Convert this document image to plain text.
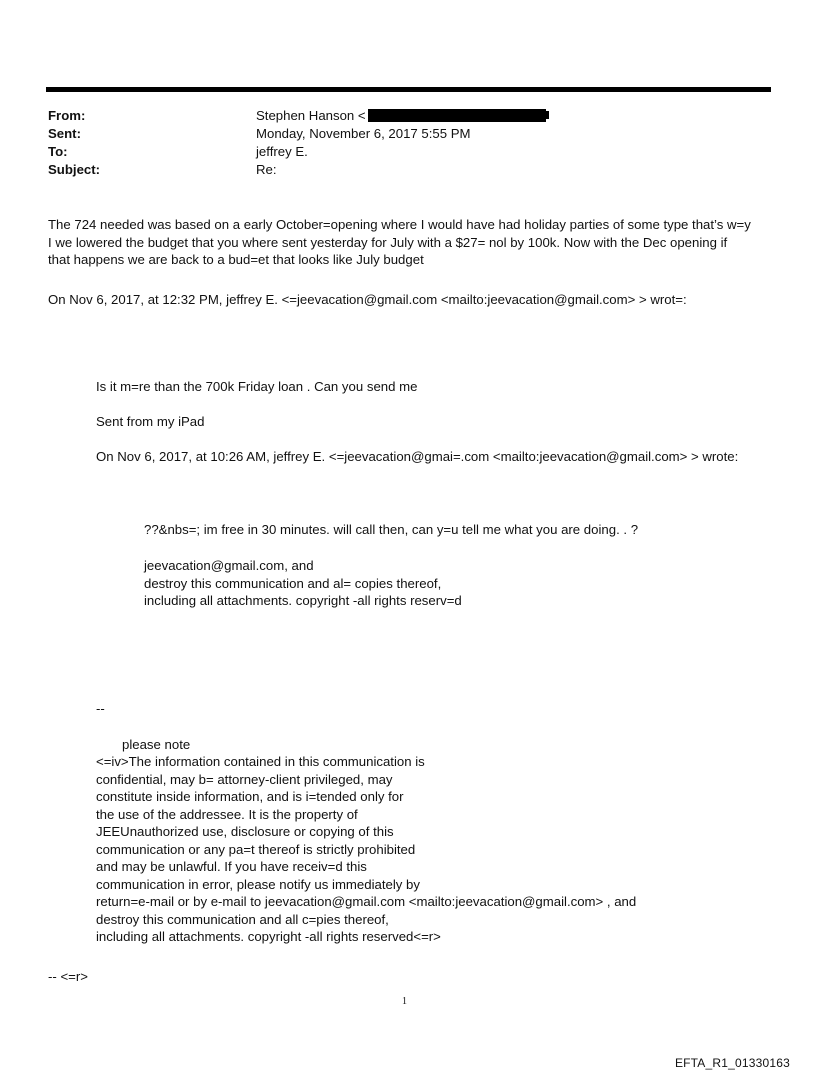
From:	Stephen Hanson <
Sent:	Monday, November 6, 2017 5:55 PM
To:	jeffrey E.
Subject:	Re:
The 724 needed was based on a early October=opening where I would have had holiday parties of some type that’s w=y
I we lowered the budget that you where sent yesterday for July with a $27= nol by 100k. Now with the Dec opening if
that happens we are back to a bud=et that looks like July budget
On Nov 6, 2017, at 12:32 PM, jeffrey E. <=jeevacation@gmail.com <mailto:jeevacation@gmail.com> > wrot=:
Is it m=re than the 700k Friday loan . Can you send me
Sent from my iPad
On Nov 6, 2017, at 10:26 AM, jeffrey E. <=jeevacation@gmai=.com <mailto:jeevacation@gmail.com> > wrote:
??&nbs=; im free in 30 minutes. will call then, can y=u tell me what you are doing. . ?
jeevacation@gmail.com, and
destroy this communication and al= copies thereof,
including all attachments. copyright -all rights reserv=d
--
please note
<=iv>The information contained in this communication is
confidential, may b= attorney-client privileged, may
constitute inside information, and is i=tended only for
the use of the addressee. It is the property of
JEEUnauthorized use, disclosure or copying of this
communication or any pa=t thereof is strictly prohibited
and may be unlawful. If you have receiv=d this
communication in error, please notify us immediately by
return=e-mail or by e-mail to jeevacation@gmail.com <mailto:jeevacation@gmail.com> , and
destroy this communication and all c=pies thereof,
including all attachments. copyright -all rights reserved<=r>
-- <=r>
1
EFTA_R1_01330163
